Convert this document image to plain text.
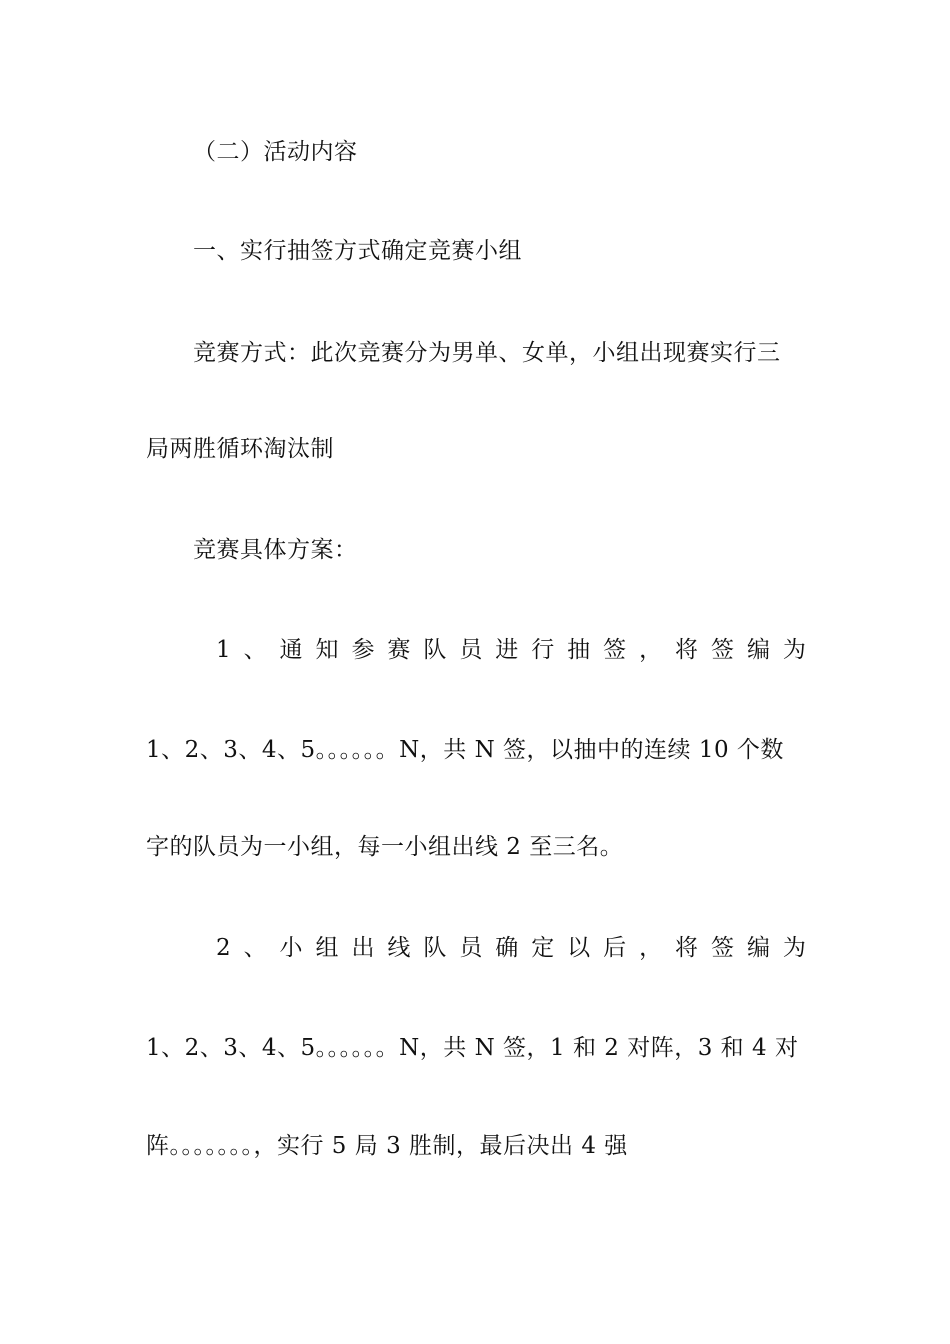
（二）活动内容
一、实行抽签方式确定竞赛小组
竞赛方式：此次竞赛分为男单、女单，小组出现赛实行三
局两胜循环淘汰制
竞赛具体方案：
1 、 通 知 参 赛 队 员 进 行 抽 签 ， 将 签 编 为
1、2、3、4、5。。。。。。N，共 N 签，以抽中的连续 10 个数
字的队员为一小组，每一小组出线 2 至三名。
2 、 小 组 出 线 队 员 确 定 以 后 ， 将 签 编 为
1、2、3、4、5。。。。。。N，共 N 签，1 和 2 对阵，3 和 4 对
阵。。。。。。。，实行 5 局 3 胜制，最后决出 4 强
